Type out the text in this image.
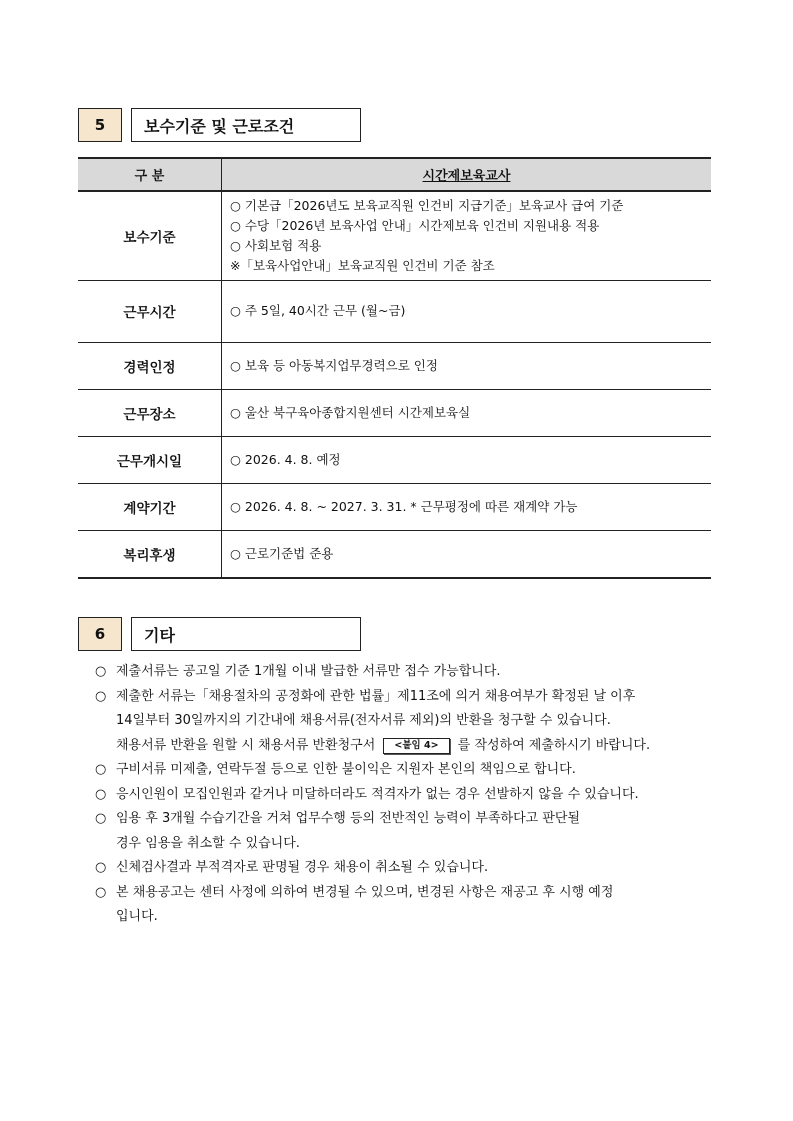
5	보수기준 및 근로조건
구 분	시간제보육교사
보수기준	○ 기본급「2026년도 보육교직원 인건비 지급기준」보육교사 급여 기준
○ 수당「2026년 보육사업 안내」시간제보육 인건비 지원내용 적용
○ 사회보험 적용
※「보육사업안내」보육교직원 인건비 기준 참조

근무시간	○ 주 5일, 40시간 근무 (월~금)

경력인정	○ 보육 등 아동복지업무경력으로 인정

근무장소	○ 울산 북구육아종합지원센터 시간제보육실

근무개시일	○ 2026. 4. 8. 예정

계약기간	○ 2026. 4. 8. ~ 2027. 3. 31. * 근무평정에 따른 재계약 가능

복리후생	○ 근로기준법 준용
6	기타
○ 제출서류는 공고일 기준 1개월 이내 발급한 서류만 접수 가능합니다.
○ 제출한 서류는「채용절차의 공정화에 관한 법률」제11조에 의거 채용여부가 확정된 날 이후
14일부터 30일까지의 기간내에 채용서류(전자서류 제외)의 반환을 청구할 수 있습니다.
채용서류 반환을 원할 시 채용서류 반환청구서 <붙임 4> 를 작성하여 제출하시기 바랍니다.
○ 구비서류 미제출, 연락두절 등으로 인한 불이익은 지원자 본인의 책임으로 합니다.
○ 응시인원이 모집인원과 같거나 미달하더라도 적격자가 없는 경우 선발하지 않을 수 있습니다.
○ 임용 후 3개월 수습기간을 거쳐 업무수행 등의 전반적인 능력이 부족하다고 판단될
경우 임용을 취소할 수 있습니다.
○ 신체검사결과 부적격자로 판명될 경우 채용이 취소될 수 있습니다.
○ 본 채용공고는 센터 사정에 의하여 변경될 수 있으며, 변경된 사항은 재공고 후 시행 예정
입니다.
